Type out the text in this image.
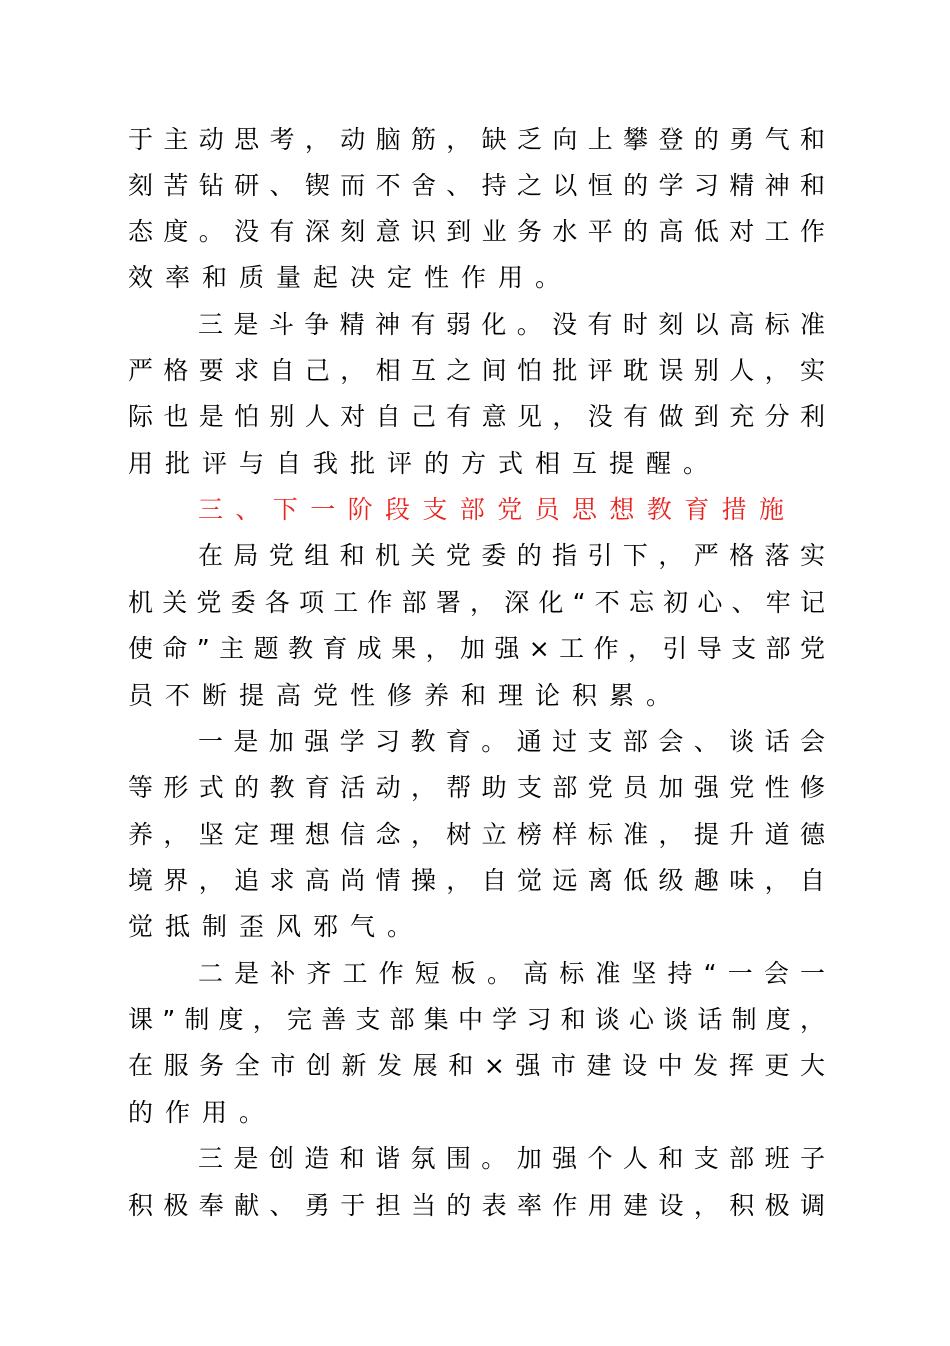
于主动思考，动脑筋，缺乏向上攀登的勇气和
刻苦钻研、锲而不舍、持之以恒的学习精神和
态度。没有深刻意识到业务水平的高低对工作
效率和质量起决定性作用。
三是斗争精神有弱化。没有时刻以高标准
严格要求自己，相互之间怕批评耽误别人，实
际也是怕别人对自己有意见，没有做到充分利
用批评与自我批评的方式相互提醒。
三、下一阶段支部党员思想教育措施
在局党组和机关党委的指引下，严格落实
机关党委各项工作部署，深化“不忘初心、牢记
使命”主题教育成果，加强×工作，引导支部党
员不断提高党性修养和理论积累。
一是加强学习教育。通过支部会、谈话会
等形式的教育活动，帮助支部党员加强党性修
养，坚定理想信念，树立榜样标准，提升道德
境界，追求高尚情操，自觉远离低级趣味，自
觉抵制歪风邪气。
二是补齐工作短板。高标准坚持“一会一
课”制度，完善支部集中学习和谈心谈话制度，
在服务全市创新发展和×强市建设中发挥更大
的作用。
三是创造和谐氛围。加强个人和支部班子
积极奉献、勇于担当的表率作用建设，积极调
